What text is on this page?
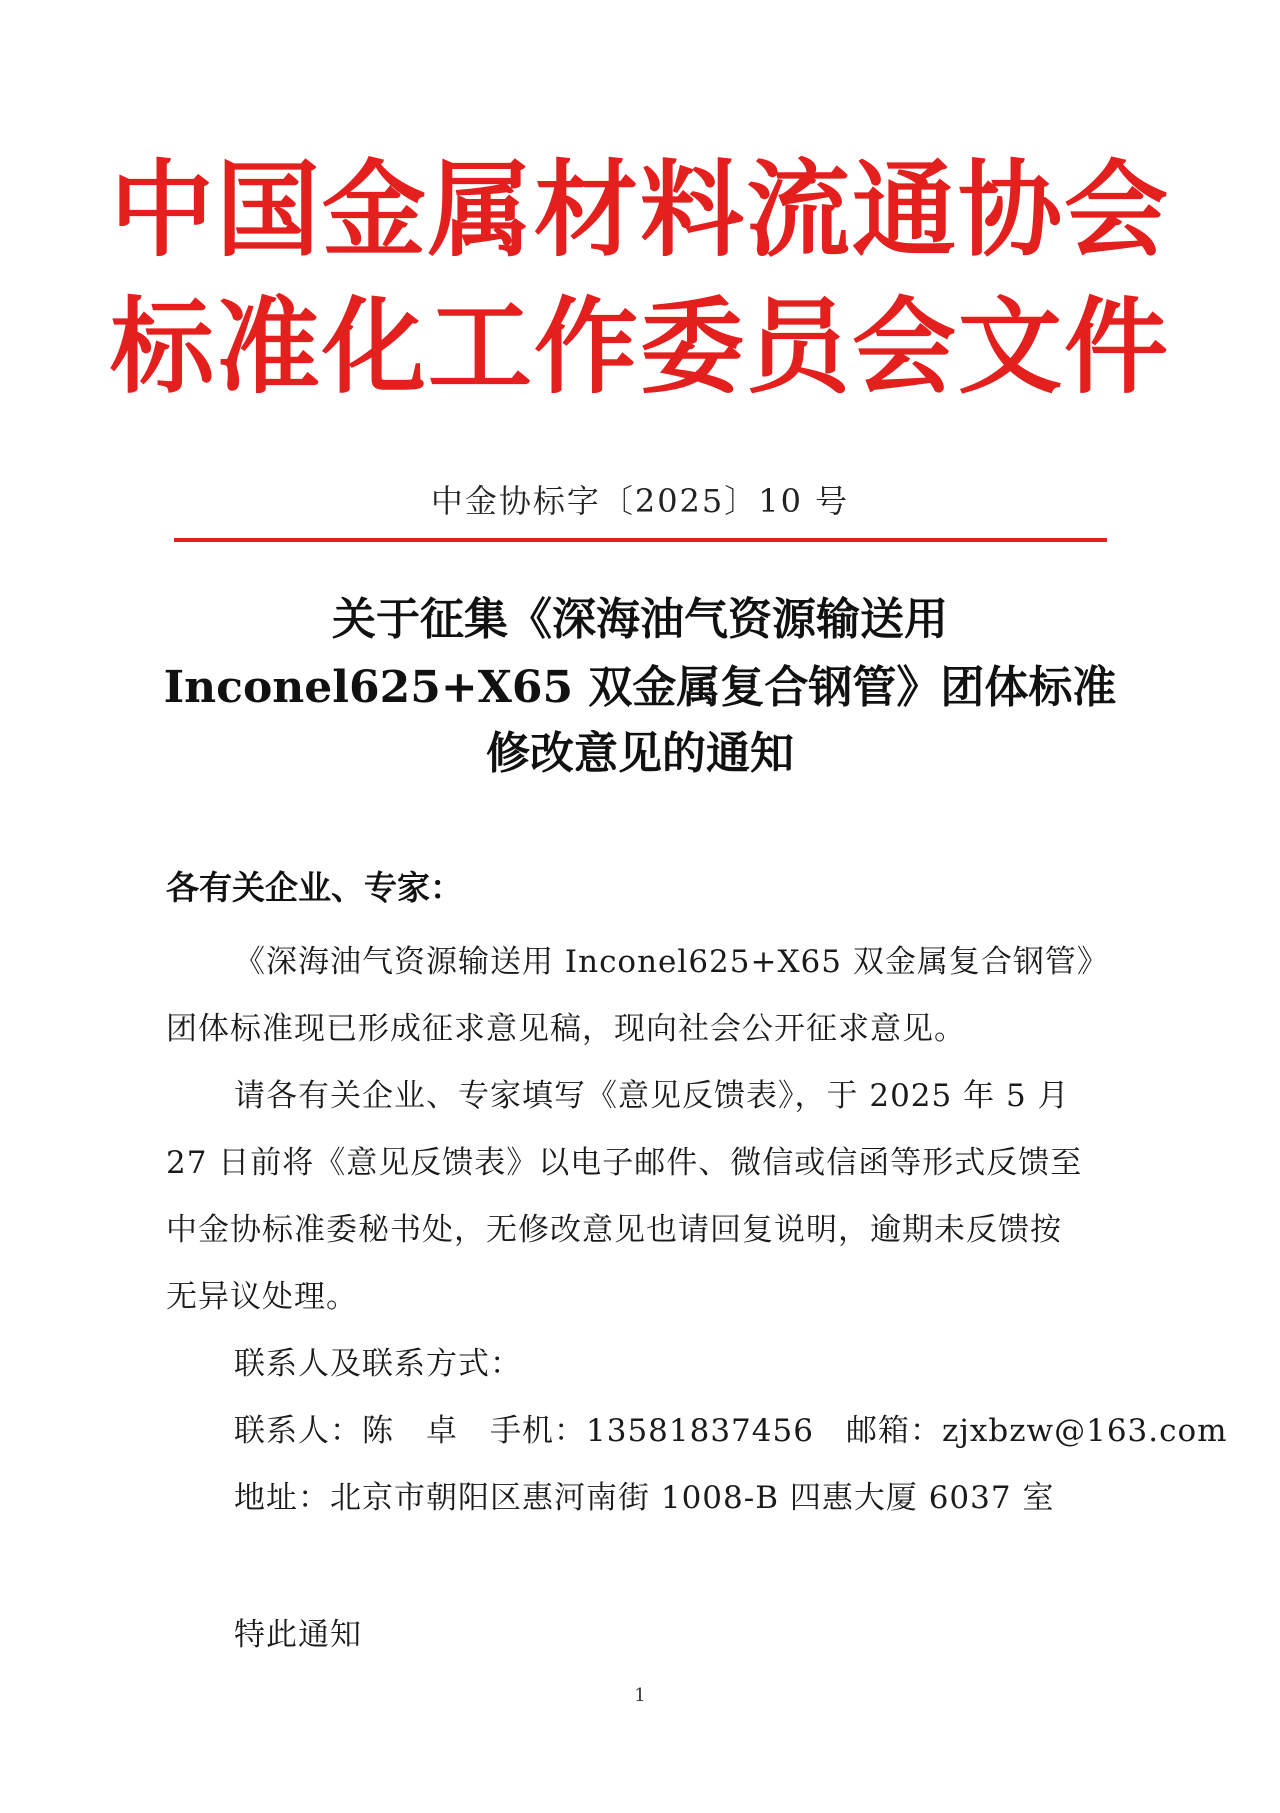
中国金属材料流通协会
标准化工作委员会文件
中金协标字〔2025〕10 号
关于征集《深海油气资源输送用
Inconel625+X65 双金属复合钢管》团体标准
修改意见的通知
各有关企业、专家：
《深海油气资源输送用 Inconel625+X65 双金属复合钢管》
团体标准现已形成征求意见稿，现向社会公开征求意见。
请各有关企业、专家填写《意见反馈表》，于 2025 年 5 月
27 日前将《意见反馈表》以电子邮件、微信或信函等形式反馈至
中金协标准委秘书处，无修改意见也请回复说明，逾期未反馈按
无异议处理。
联系人及联系方式：
联系人：陈　卓　手机：13581837456　邮箱：zjxbzw@163.com
地址：北京市朝阳区惠河南街 1008-B 四惠大厦 6037 室
特此通知
1
